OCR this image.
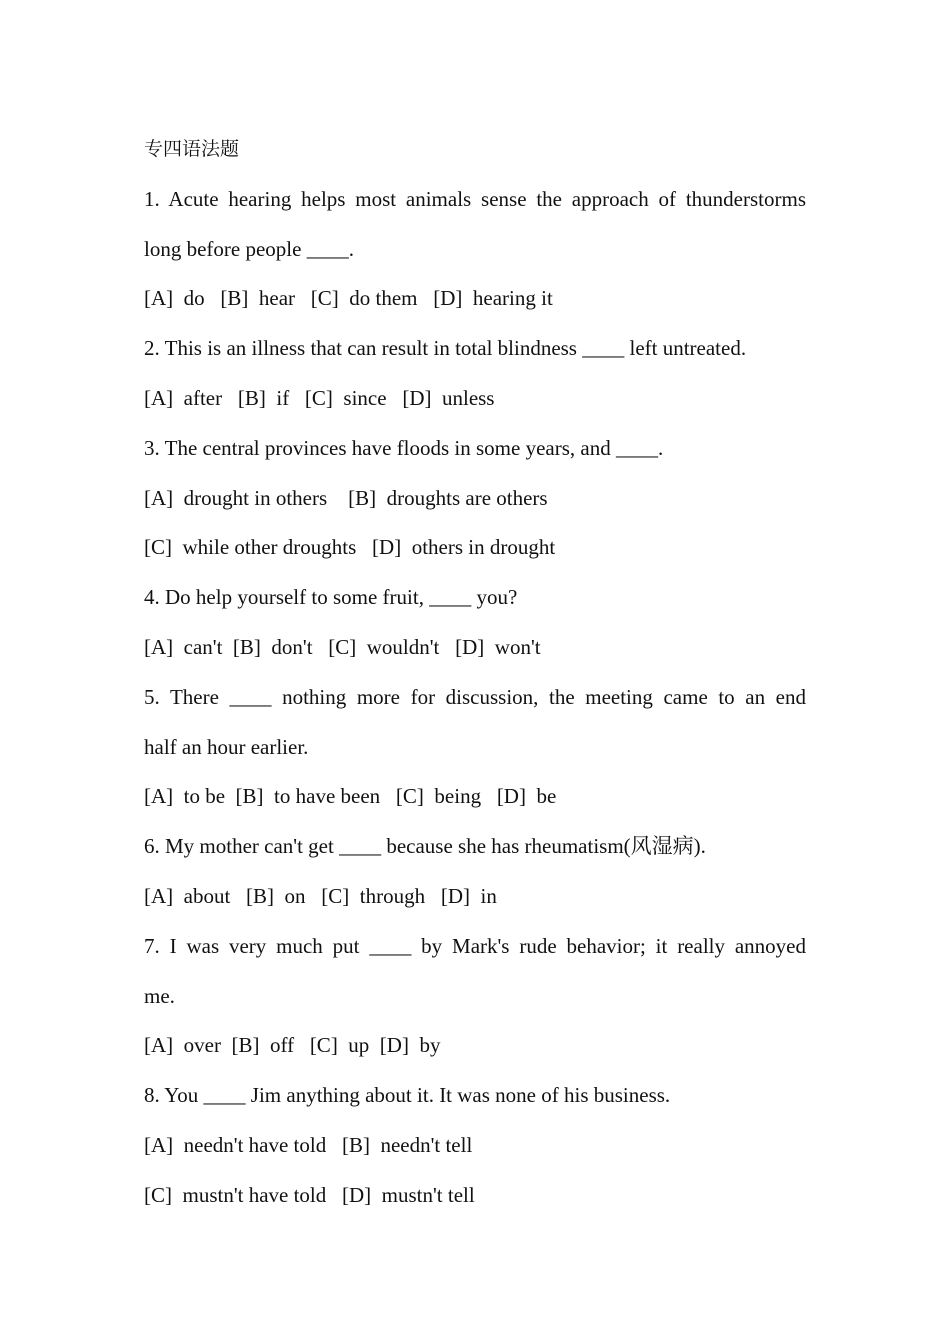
专四语法题
1. Acute hearing helps most animals sense the approach of thunderstorms
long before people ____.
[A]  do   [B]  hear   [C]  do them   [D]  hearing it
2. This is an illness that can result in total blindness ____ left untreated.
[A]  after   [B]  if   [C]  since   [D]  unless
3. The central provinces have floods in some years, and ____.
[A]  drought in others    [B]  droughts are others
[C]  while other droughts   [D]  others in drought
4. Do help yourself to some fruit, ____ you?
[A]  can't  [B]  don't   [C]  wouldn't   [D]  won't
5. There ____ nothing more for discussion, the meeting came to an end
half an hour earlier.
[A]  to be  [B]  to have been   [C]  being   [D]  be
6. My mother can't get ____ because she has rheumatism(风湿病).
[A]  about   [B]  on   [C]  through   [D]  in
7. I was very much put ____ by Mark's rude behavior; it really annoyed
me.
[A]  over  [B]  off   [C]  up  [D]  by
8. You ____ Jim anything about it. It was none of his business.
[A]  needn't have told   [B]  needn't tell
[C]  mustn't have told   [D]  mustn't tell
